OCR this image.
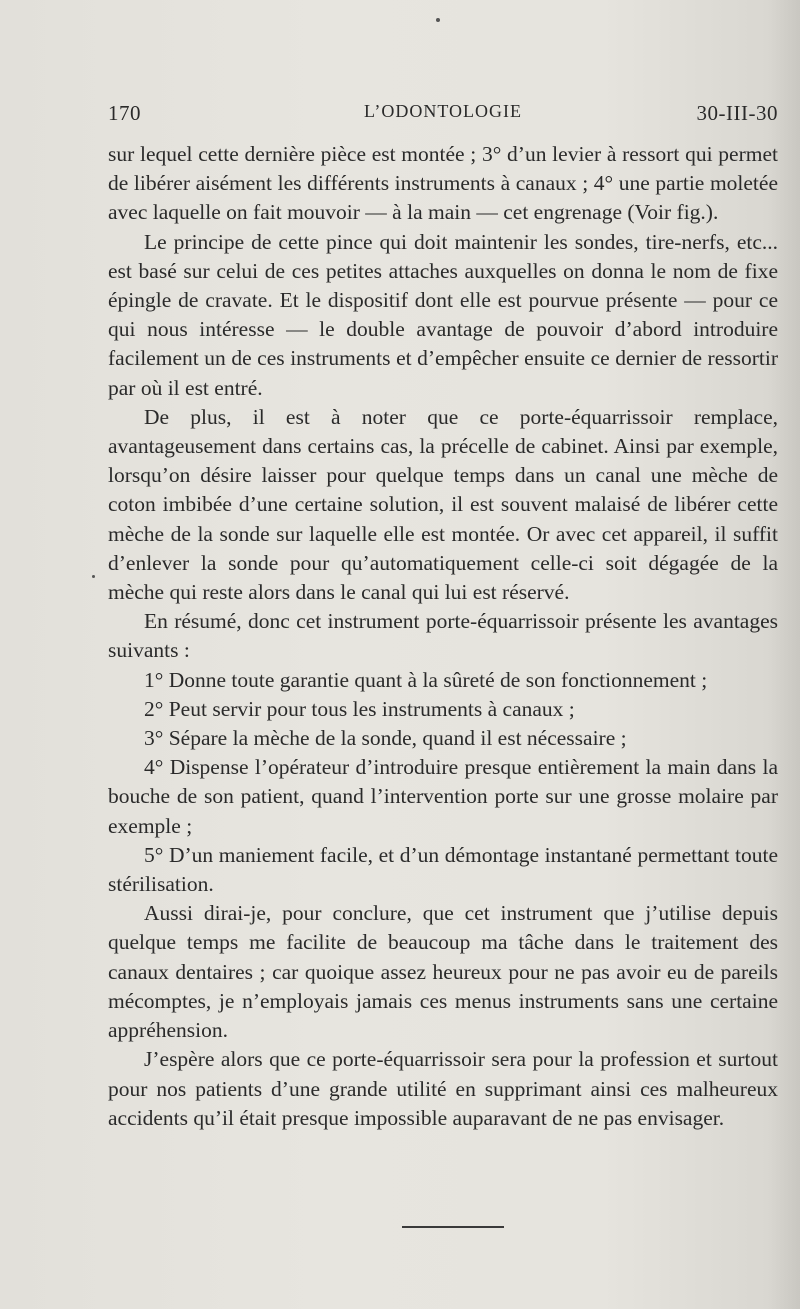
170	L’ODONTOLOGIE	30-III-30

sur lequel cette dernière pièce est montée ; 3° d’un levier à ressort qui permet de libérer aisément les différents instruments à canaux ; 4° une partie moletée avec laquelle on fait mouvoir — à la main — cet engrenage (Voir fig.).

Le principe de cette pince qui doit maintenir les sondes, tire-nerfs, etc... est basé sur celui de ces petites attaches auxquelles on donna le nom de fixe épingle de cravate. Et le dispositif dont elle est pourvue présente — pour ce qui nous intéresse — le double avantage de pouvoir d’abord introduire facilement un de ces instruments et d’empêcher ensuite ce dernier de ressortir par où il est entré.

De plus, il est à noter que ce porte-équarrissoir remplace, avantageusement dans certains cas, la précelle de cabinet. Ainsi par exemple, lorsqu’on désire laisser pour quelque temps dans un canal une mèche de coton imbibée d’une certaine solution, il est souvent malaisé de libérer cette mèche de la sonde sur laquelle elle est montée. Or avec cet appareil, il suffit d’enlever la sonde pour qu’automatiquement celle-ci soit dégagée de la mèche qui reste alors dans le canal qui lui est réservé.

En résumé, donc cet instrument porte-équarrissoir présente les avantages suivants :

1° Donne toute garantie quant à la sûreté de son fonctionnement ;

2° Peut servir pour tous les instruments à canaux ;

3° Sépare la mèche de la sonde, quand il est nécessaire ;

4° Dispense l’opérateur d’introduire presque entièrement la main dans la bouche de son patient, quand l’intervention porte sur une grosse molaire par exemple ;

5° D’un maniement facile, et d’un démontage instantané permettant toute stérilisation.

Aussi dirai-je, pour conclure, que cet instrument que j’utilise depuis quelque temps me facilite de beaucoup ma tâche dans le traitement des canaux dentaires ; car quoique assez heureux pour ne pas avoir eu de pareils mécomptes, je n’employais jamais ces menus instruments sans une certaine appréhension.

J’espère alors que ce porte-équarrissoir sera pour la profession et surtout pour nos patients d’une grande utilité en supprimant ainsi ces malheureux accidents qu’il était presque impossible auparavant de ne pas envisager.
